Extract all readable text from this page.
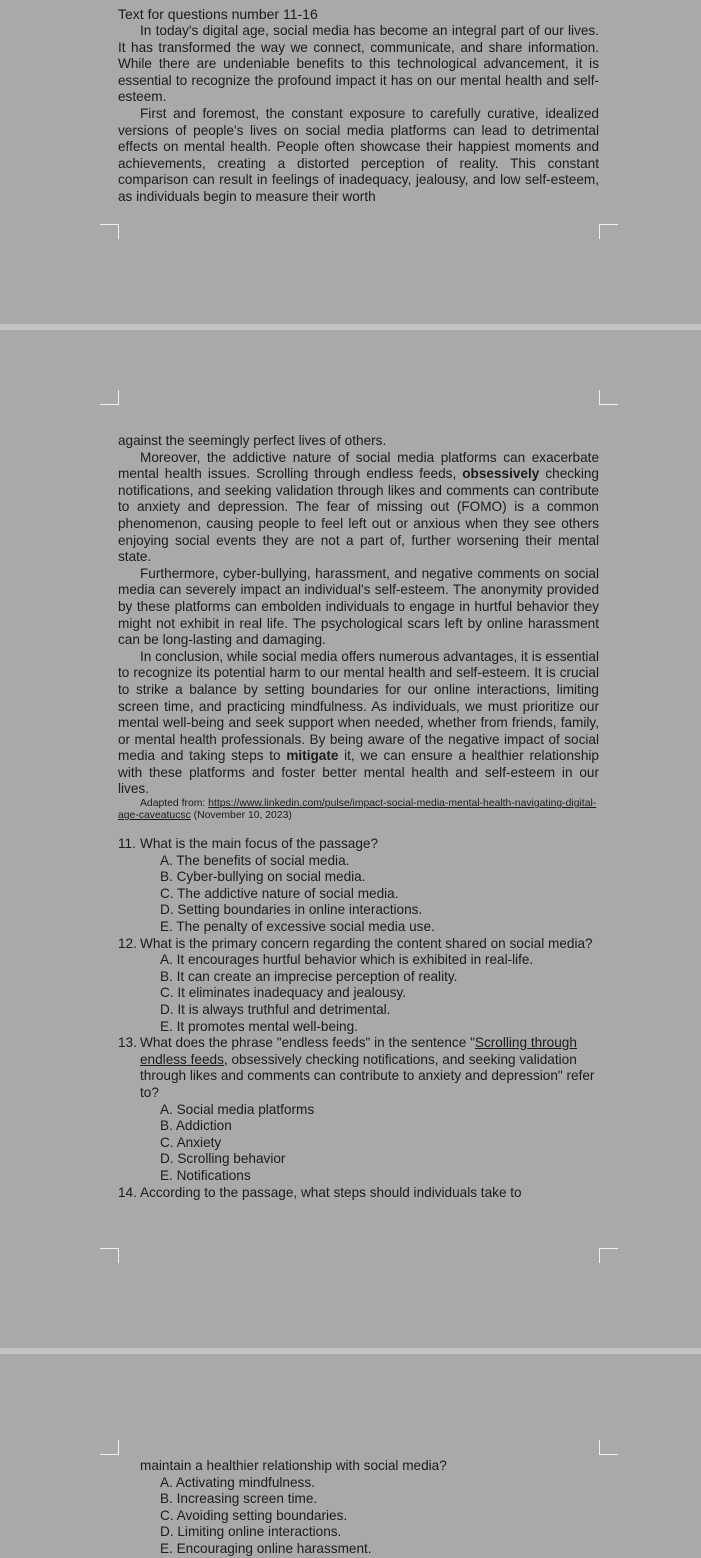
Text for questions number 11-16

In today's digital age, social media has become an integral part of our lives. It has transformed the way we connect, communicate, and share information. While there are undeniable benefits to this technological advancement, it is essential to recognize the profound impact it has on our mental health and self-esteem.

First and foremost, the constant exposure to carefully curative, idealized versions of people's lives on social media platforms can lead to detrimental effects on mental health. People often showcase their happiest moments and achievements, creating a distorted perception of reality. This constant comparison can result in feelings of inadequacy, jealousy, and low self-esteem, as individuals begin to measure their worth

against the seemingly perfect lives of others.

Moreover, the addictive nature of social media platforms can exacerbate mental health issues. Scrolling through endless feeds, obsessively checking notifications, and seeking validation through likes and comments can contribute to anxiety and depression. The fear of missing out (FOMO) is a common phenomenon, causing people to feel left out or anxious when they see others enjoying social events they are not a part of, further worsening their mental state.

Furthermore, cyber-bullying, harassment, and negative comments on social media can severely impact an individual's self-esteem. The anonymity provided by these platforms can embolden individuals to engage in hurtful behavior they might not exhibit in real life. The psychological scars left by online harassment can be long-lasting and damaging.

In conclusion, while social media offers numerous advantages, it is essential to recognize its potential harm to our mental health and self-esteem. It is crucial to strike a balance by setting boundaries for our online interactions, limiting screen time, and practicing mindfulness. As individuals, we must prioritize our mental well-being and seek support when needed, whether from friends, family, or mental health professionals. By being aware of the negative impact of social media and taking steps to mitigate it, we can ensure a healthier relationship with these platforms and foster better mental health and self-esteem in our lives.

Adapted from: https://www.linkedin.com/pulse/impact-social-media-mental-health-navigating-digital-age-caveatucsc (November 10, 2023)

11. What is the main focus of the passage?
A. The benefits of social media.
B. Cyber-bullying on social media.
C. The addictive nature of social media.
D. Setting boundaries in online interactions.
E. The penalty of excessive social media use.
12. What is the primary concern regarding the content shared on social media?
A. It encourages hurtful behavior which is exhibited in real-life.
B. It can create an imprecise perception of reality.
C. It eliminates inadequacy and jealousy.
D. It is always truthful and detrimental.
E. It promotes mental well-being.
13. What does the phrase "endless feeds" in the sentence "Scrolling through endless feeds, obsessively checking notifications, and seeking validation through likes and comments can contribute to anxiety and depression" refer to?
A. Social media platforms
B. Addiction
C. Anxiety
D. Scrolling behavior
E. Notifications
14. According to the passage, what steps should individuals take to
maintain a healthier relationship with social media?
A. Activating mindfulness.
B. Increasing screen time.
C. Avoiding setting boundaries.
D. Limiting online interactions.
E. Encouraging online harassment.
